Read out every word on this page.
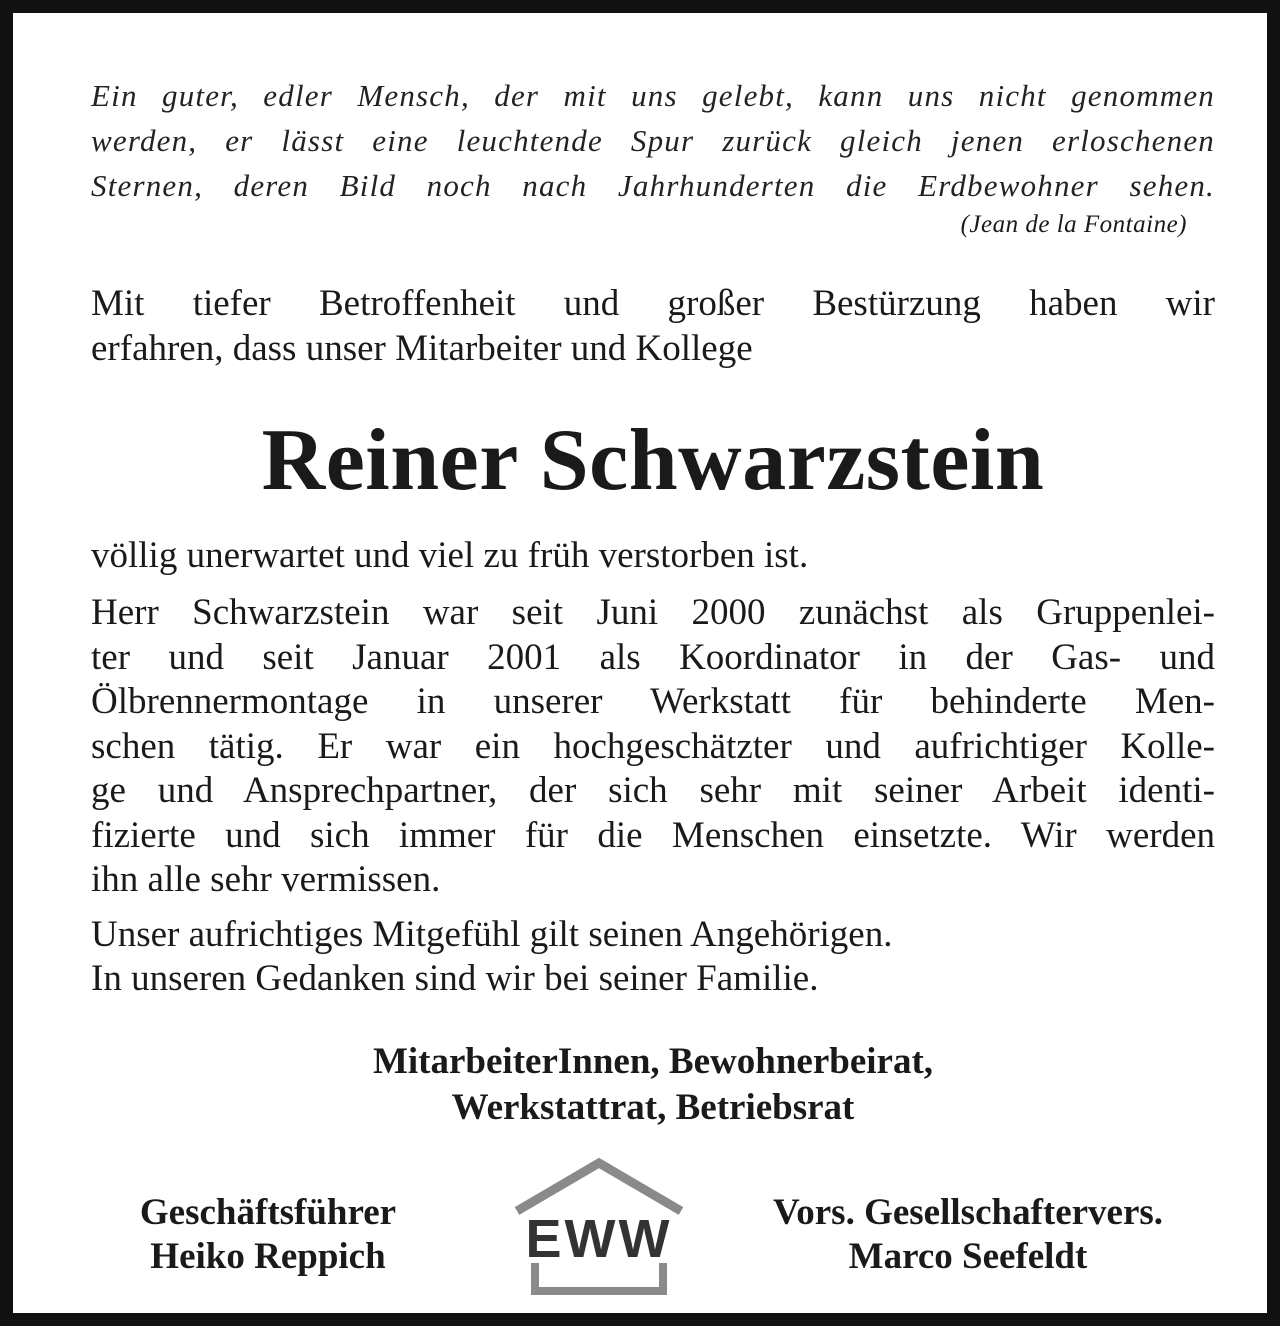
Ein guter, edler Mensch, der mit uns gelebt, kann uns nicht genommen
werden, er lässt eine leuchtende Spur zurück gleich jenen erloschenen
Sternen, deren Bild noch nach Jahrhunderten die Erdbewohner sehen.
(Jean de la Fontaine)
Mit tiefer Betroffenheit und großer Bestürzung haben wir
erfahren, dass unser Mitarbeiter und Kollege
Reiner Schwarzstein
völlig unerwartet und viel zu früh verstorben ist.
Herr Schwarzstein war seit Juni 2000 zunächst als Gruppenlei-
ter und seit Januar 2001 als Koordinator in der Gas- und
Ölbrennermontage in unserer Werkstatt für behinderte Men-
schen tätig. Er war ein hochgeschätzter und aufrichtiger Kolle-
ge und Ansprechpartner, der sich sehr mit seiner Arbeit identi-
fizierte und sich immer für die Menschen einsetzte. Wir werden
ihn alle sehr vermissen.
Unser aufrichtiges Mitgefühl gilt seinen Angehörigen.
In unseren Gedanken sind wir bei seiner Familie.
MitarbeiterInnen, Bewohnerbeirat,
Werkstattrat, Betriebsrat
Geschäftsführer
Heiko Reppich	EWW	Vors. Gesellschaftervers.
Marco Seefeldt
